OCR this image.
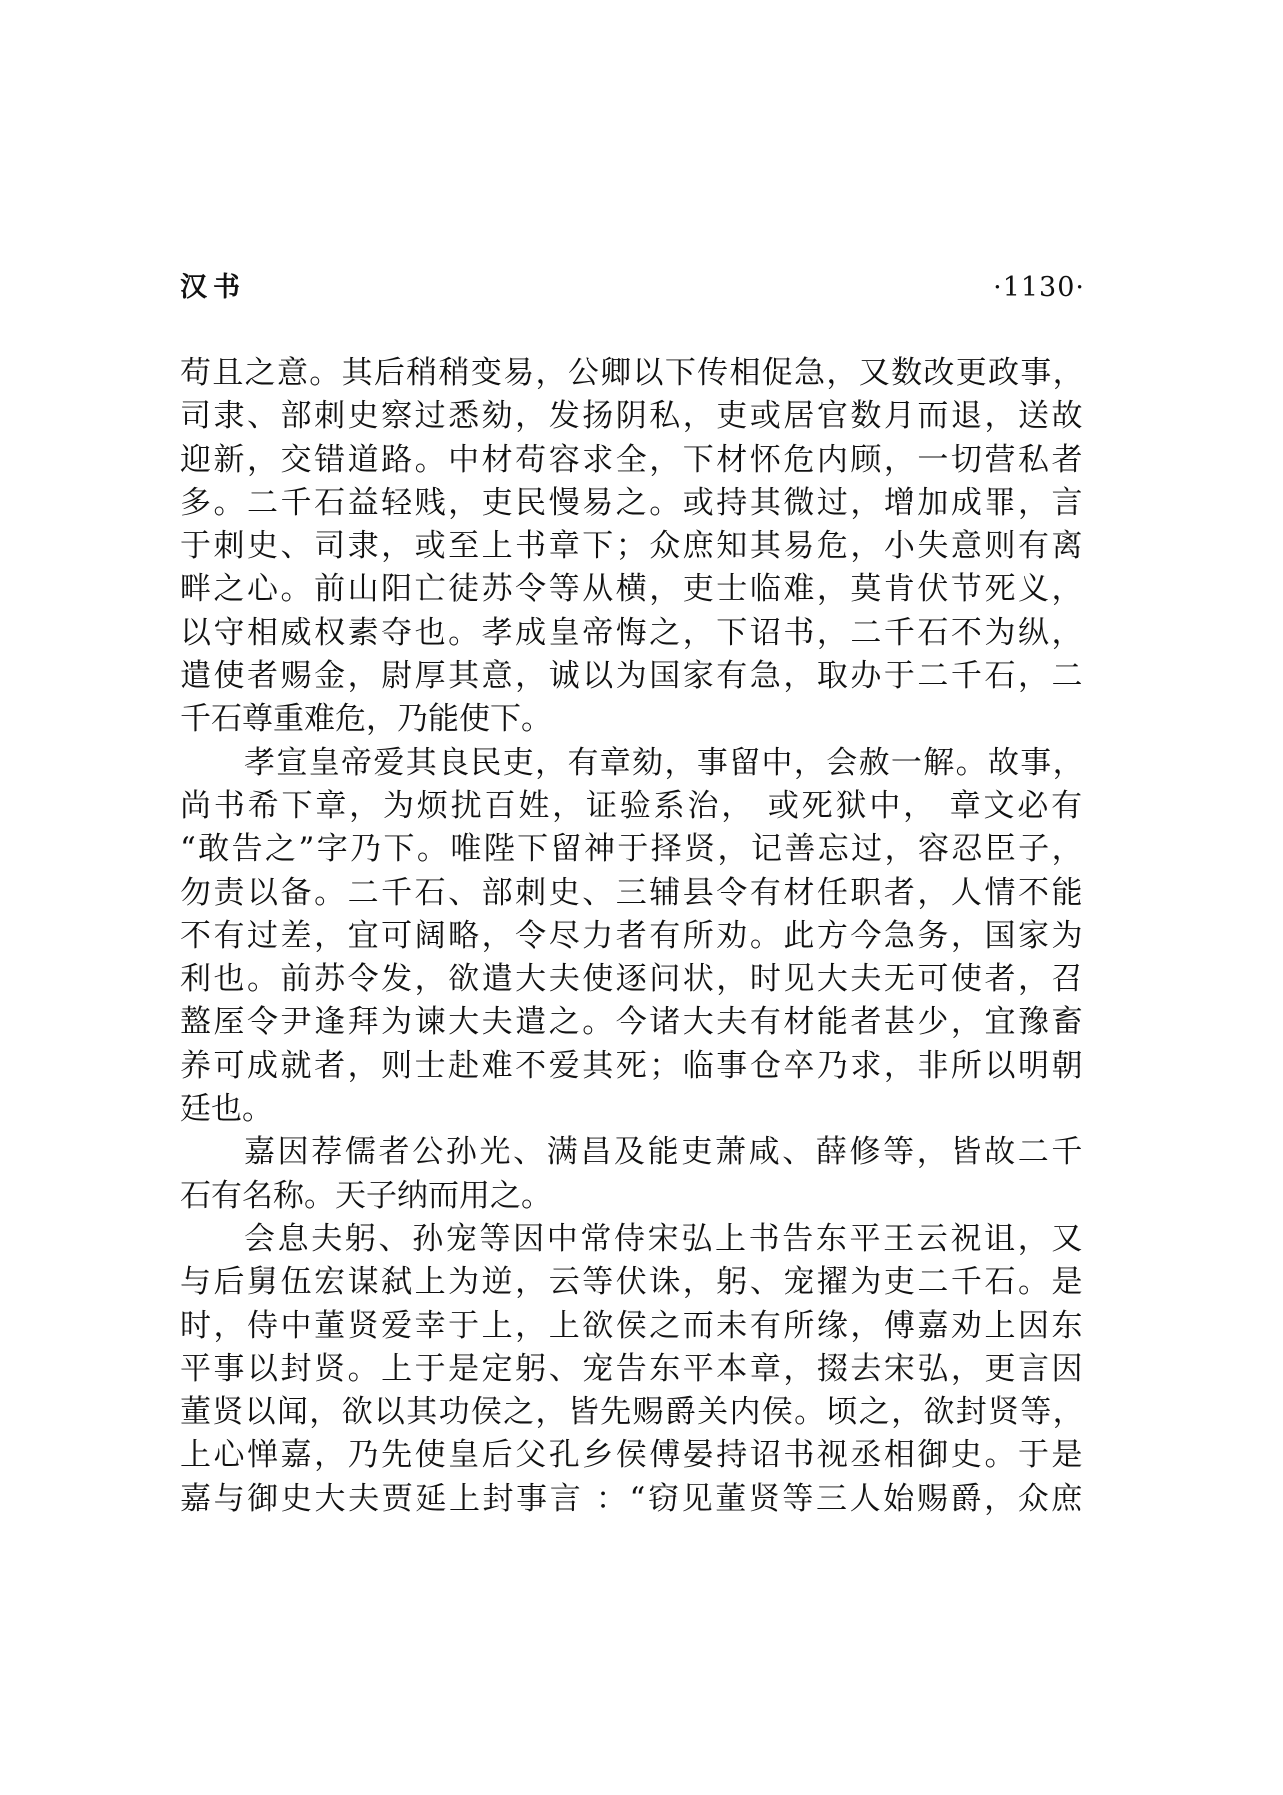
汉书	·1130·
苟且之意。其后稍稍变易，公卿以下传相促急，又数改更政事，
司隶、部刺史察过悉劾，发扬阴私，吏或居官数月而退，送故
迎新，交错道路。中材苟容求全，下材怀危内顾，一切营私者
多。二千石益轻贱，吏民慢易之。或持其微过，增加成罪，言
于刺史、司隶，或至上书章下；众庶知其易危，小失意则有离
畔之心。前山阳亡徒苏令等从横，吏士临难，莫肯伏节死义，
以守相威权素夺也。孝成皇帝悔之，下诏书，二千石不为纵，
遣使者赐金，尉厚其意，诚以为国家有急，取办于二千石，二
千石尊重难危，乃能使下。
孝宣皇帝爱其良民吏，有章劾，事留中，会赦一解。故事，
尚书希下章，为烦扰百姓，证验系治， 或死狱中， 章文必有
“敢告之”字乃下。唯陛下留神于择贤，记善忘过，容忍臣子，
勿责以备。二千石、部刺史、三辅县令有材任职者，人情不能
不有过差，宜可阔略，令尽力者有所劝。此方今急务，国家为
利也。前苏令发，欲遣大夫使逐问状，时见大夫无可使者，召
盩厔令尹逢拜为谏大夫遣之。今诸大夫有材能者甚少，宜豫畜
养可成就者，则士赴难不爱其死；临事仓卒乃求，非所以明朝
廷也。
嘉因荐儒者公孙光、满昌及能吏萧咸、薛修等，皆故二千
石有名称。天子纳而用之。
会息夫躬、孙宠等因中常侍宋弘上书告东平王云祝诅，又
与后舅伍宏谋弑上为逆，云等伏诛，躬、宠擢为吏二千石。是
时，侍中董贤爱幸于上，上欲侯之而未有所缘，傅嘉劝上因东
平事以封贤。上于是定躬、宠告东平本章，掇去宋弘，更言因
董贤以闻，欲以其功侯之，皆先赐爵关内侯。顷之，欲封贤等，
上心惮嘉，乃先使皇后父孔乡侯傅晏持诏书视丞相御史。于是
嘉与御史大夫贾延上封事言 ：“窃见董贤等三人始赐爵，众庶
